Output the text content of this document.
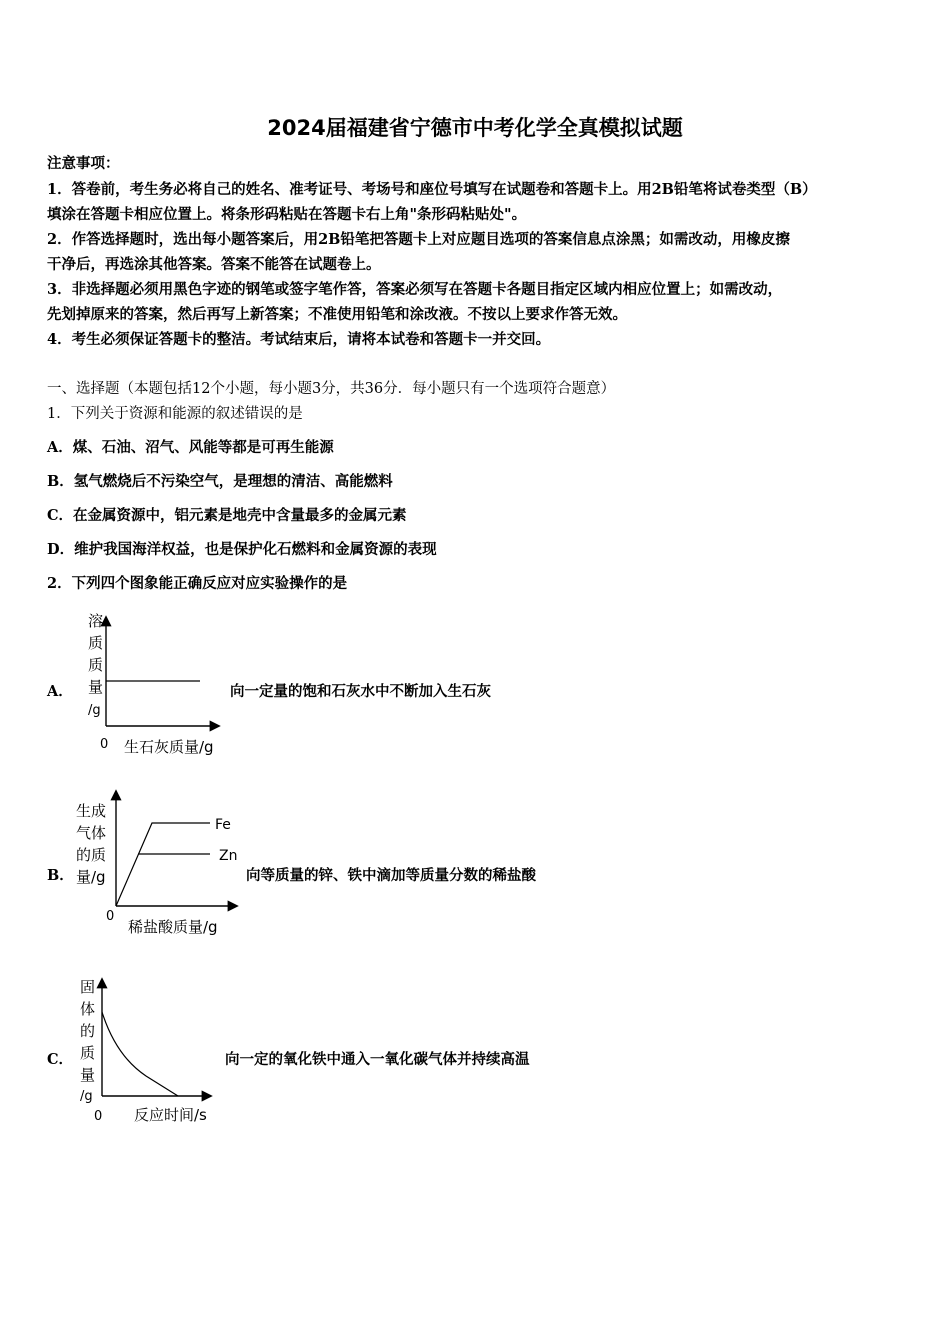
2024届福建省宁德市中考化学全真模拟试题
注意事项：
1．答卷前，考生务必将自己的姓名、准考证号、考场号和座位号填写在试题卷和答题卡上。用2B铅笔将试卷类型（B）
填涂在答题卡相应位置上。将条形码粘贴在答题卡右上角"条形码粘贴处"。
2．作答选择题时，选出每小题答案后，用2B铅笔把答题卡上对应题目选项的答案信息点涂黑；如需改动，用橡皮擦
干净后，再选涂其他答案。答案不能答在试题卷上。
3．非选择题必须用黑色字迹的钢笔或签字笔作答，答案必须写在答题卡各题目指定区域内相应位置上；如需改动，
先划掉原来的答案，然后再写上新答案；不准使用铅笔和涂改液。不按以上要求作答无效。
4．考生必须保证答题卡的整洁。考试结束后，请将本试卷和答题卡一并交回。
一、选择题（本题包括12个小题，每小题3分，共36分．每小题只有一个选项符合题意）
1．下列关于资源和能源的叙述错误的是
A．煤、石油、沼气、风能等都是可再生能源
B．氢气燃烧后不污染空气，是理想的清洁、高能燃料
C．在金属资源中，铝元素是地壳中含量最多的金属元素
D．维护我国海洋权益，也是保护化石燃料和金属资源的表现
2．下列四个图象能正确反应对应实验操作的是
A．
溶
质
质
量
/g
0 生石灰质量/g
向一定量的饱和石灰水中不断加入生石灰
B．
Fe
Zn
生成
气体
的质
量/g
0
稀盐酸质量/g
向等质量的锌、铁中滴加等质量分数的稀盐酸
C．
固
体
的
质
量
/g
0 反应时间/s
向一定的氧化铁中通入一氧化碳气体并持续高温
